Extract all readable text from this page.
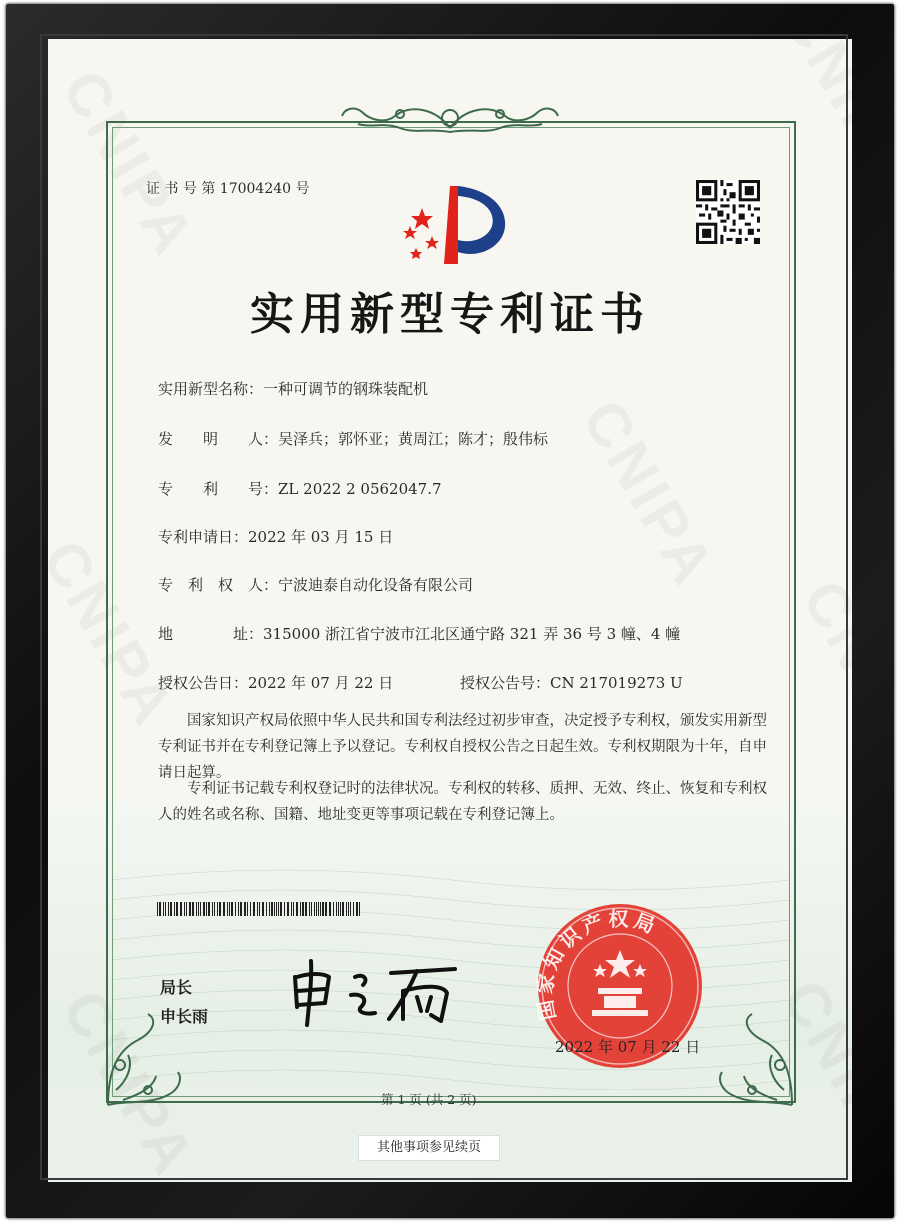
证 书 号 第 17004240 号
实用新型专利证书
实用新型名称：一种可调节的钢珠装配机
发　　明　　人：吴泽兵；郭怀亚；黄周江；陈才；殷伟标
专　　利　　号：ZL 2022 2 0562047.7
专利申请日：2022 年 03 月 15 日
专　利　权　人：宁波迪泰自动化设备有限公司
地　　　　址：315000 浙江省宁波市江北区通宁路 321 弄 36 号 3 幢、4 幢
授权公告日：2022 年 07 月 22 日	授权公告号：CN 217019273 U
　　国家知识产权局依照中华人民共和国专利法经过初步审查，决定授予专利权，颁发实用新型专利证书并在专利登记簿上予以登记。专利权自授权公告之日起生效。专利权期限为十年，自申请日起算。
　　专利证书记载专利权登记时的法律状况。专利权的转移、质押、无效、终止、恢复和专利权人的姓名或名称、国籍、地址变更等事项记载在专利登记簿上。
局长
申长雨	国家知识产权局
2022 年 07 月 22 日
第 1 页 (共 2 页)
其他事项参见续页
